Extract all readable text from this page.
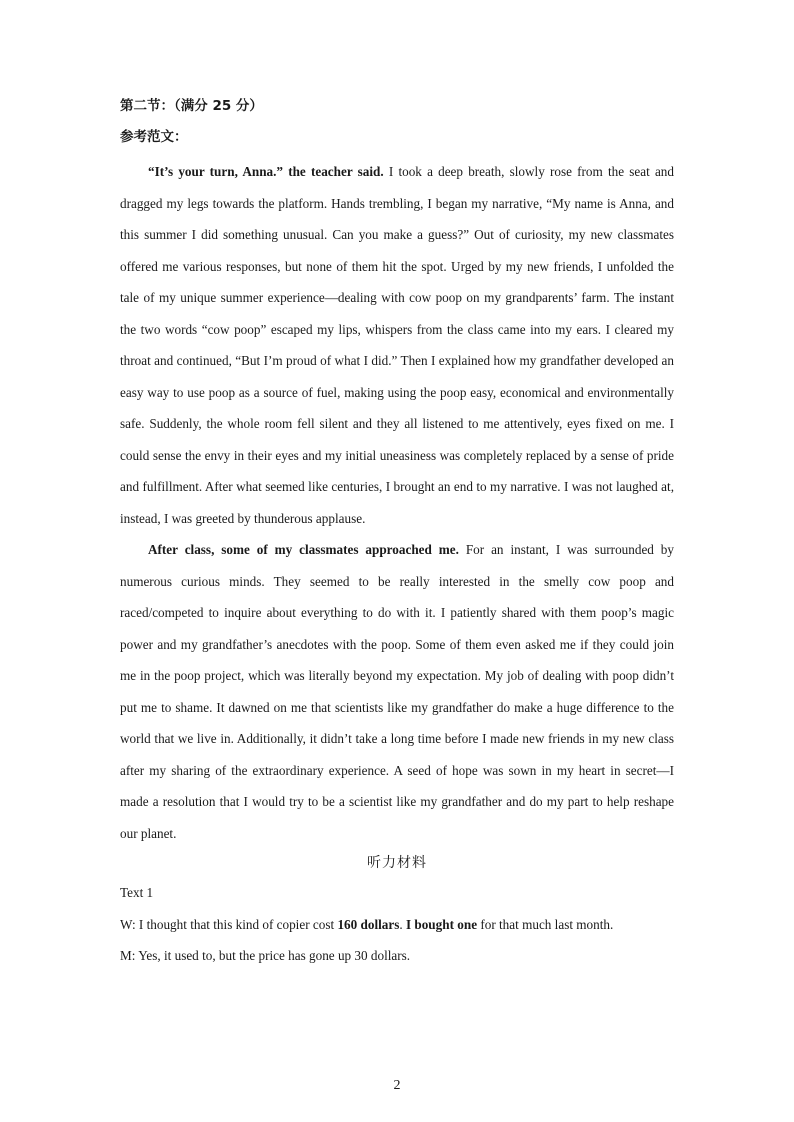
第二节：（满分 25 分）

参考范文：

“It’s your turn, Anna.” the teacher said. I took a deep breath, slowly rose from the seat and dragged my legs towards the platform. Hands trembling, I began my narrative, “My name is Anna, and this summer I did something unusual. Can you make a guess?” Out of curiosity, my new classmates offered me various responses, but none of them hit the spot. Urged by my new friends, I unfolded the tale of my unique summer experience—dealing with cow poop on my grandparents’ farm. The instant the two words “cow poop” escaped my lips, whispers from the class came into my ears. I cleared my throat and continued, “But I’m proud of what I did.” Then I explained how my grandfather developed an easy way to use poop as a source of fuel, making using the poop easy, economical and environmentally safe. Suddenly, the whole room fell silent and they all listened to me attentively, eyes fixed on me. I could sense the envy in their eyes and my initial uneasiness was completely replaced by a sense of pride and fulfillment. After what seemed like centuries, I brought an end to my narrative. I was not laughed at, instead, I was greeted by thunderous applause.

After class, some of my classmates approached me. For an instant, I was surrounded by numerous curious minds. They seemed to be really interested in the smelly cow poop and raced/competed to inquire about everything to do with it. I patiently shared with them poop’s magic power and my grandfather’s anecdotes with the poop. Some of them even asked me if they could join me in the poop project, which was literally beyond my expectation. My job of dealing with poop didn’t put me to shame. It dawned on me that scientists like my grandfather do make a huge difference to the world that we live in. Additionally, it didn’t take a long time before I made new friends in my new class after my sharing of the extraordinary experience. A seed of hope was sown in my heart in secret—I made a resolution that I would try to be a scientist like my grandfather and do my part to help reshape our planet.

听力材料

Text 1

W: I thought that this kind of copier cost 160 dollars. I bought one for that much last month.

M: Yes, it used to, but the price has gone up 30 dollars.

2
